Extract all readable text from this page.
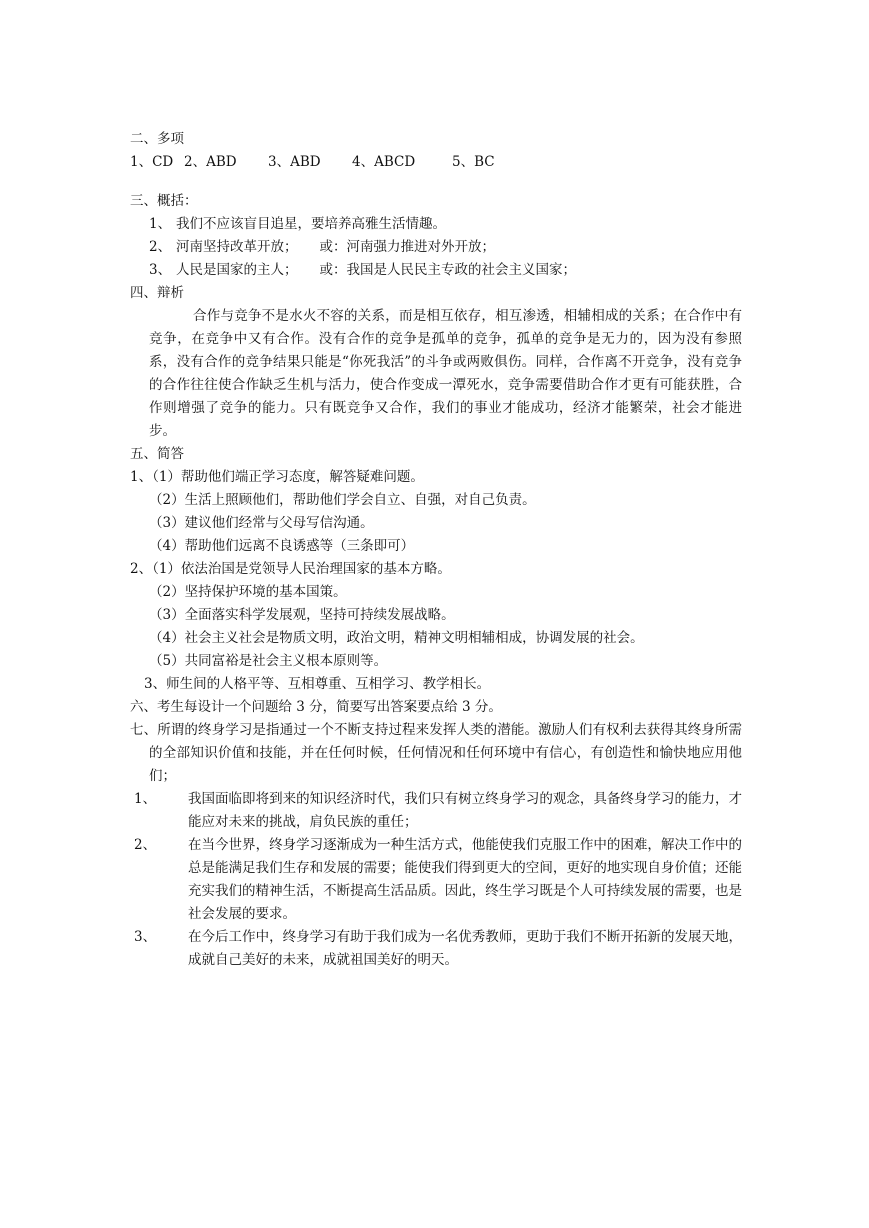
二、多项
1、CD 2、ABD 3、ABD 4、ABCD	5、BC
三、概括：
1、 我们不应该盲目追星，要培养高雅生活情趣。
2、 河南坚持改革开放； 或：河南强力推进对外开放；
3、 人民是国家的主人； 或：我国是人民民主专政的社会主义国家；
四、辩析
合作与竞争不是水火不容的关系，而是相互依存，相互渗透，相辅相成的关系；在合作中有竞争，在竞争中又有合作。没有合作的竞争是孤单的竞争，孤单的竞争是无力的，因为没有参照系，没有合作的竞争结果只能是“你死我活”的斗争或两败俱伤。同样，合作离不开竞争，没有竞争的合作往往使合作缺乏生机与活力，使合作变成一潭死水，竞争需要借助合作才更有可能获胜，合作则增强了竞争的能力。只有既竞争又合作，我们的事业才能成功，经济才能繁荣，社会才能进步。
五、简答
1、（1）帮助他们端正学习态度，解答疑难问题。
（2）生活上照顾他们，帮助他们学会自立、自强，对自己负责。
（3）建议他们经常与父母写信沟通。
（4）帮助他们远离不良诱惑等（三条即可）
2、（1）依法治国是党领导人民治理国家的基本方略。
（2）坚持保护环境的基本国策。
（3）全面落实科学发展观，坚持可持续发展战略。
（4）社会主义社会是物质文明，政治文明，精神文明相辅相成，协调发展的社会。
（5）共同富裕是社会主义根本原则等。
3、师生间的人格平等、互相尊重、互相学习、教学相长。
六、考生每设计一个问题给 3 分，简要写出答案要点给 3 分。
七、所谓的终身学习是指通过一个不断支持过程来发挥人类的潜能。激励人们有权利去获得其终身所需的全部知识价值和技能，并在任何时候，任何情况和任何环境中有信心，有创造性和愉快地应用他们；
1、 我国面临即将到来的知识经济时代，我们只有树立终身学习的观念，具备终身学习的能力，才能应对未来的挑战，肩负民族的重任；
2、 在当今世界，终身学习逐渐成为一种生活方式，他能使我们克服工作中的困难，解决工作中的总是能满足我们生存和发展的需要；能使我们得到更大的空间，更好的地实现自身价值；还能充实我们的精神生活，不断提高生活品质。因此，终生学习既是个人可持续发展的需要，也是社会发展的要求。
3、 在今后工作中，终身学习有助于我们成为一名优秀教师，更助于我们不断开拓新的发展天地，成就自己美好的未来，成就祖国美好的明天。
